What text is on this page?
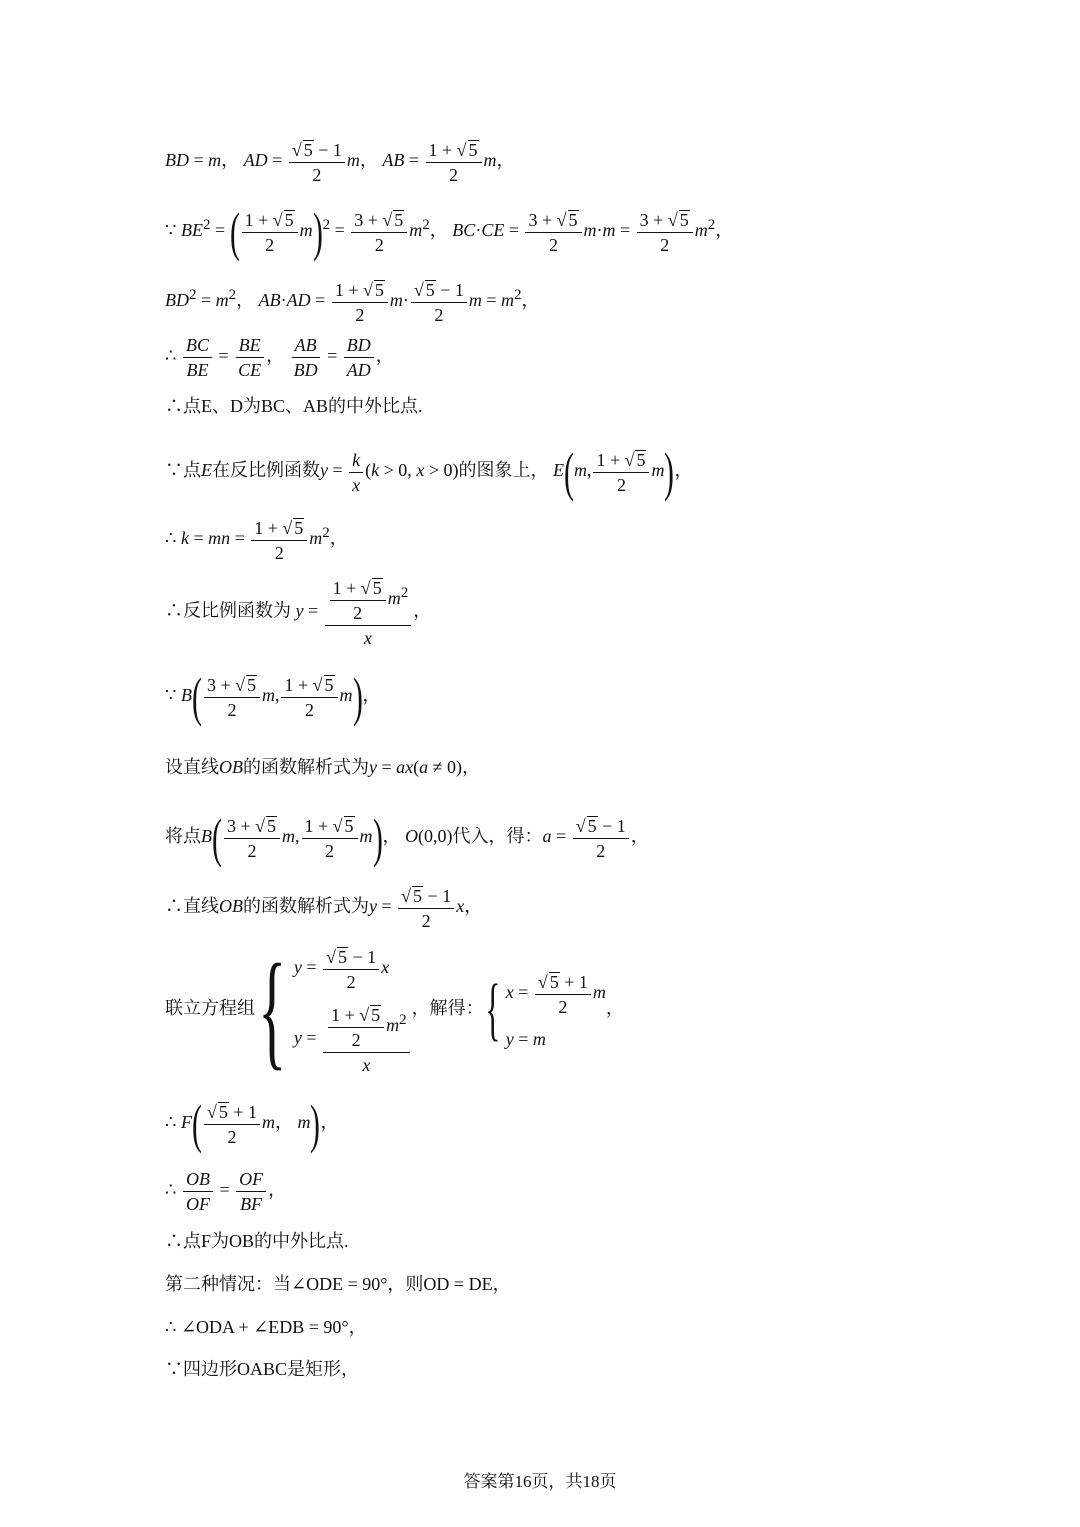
BD = m， AD = $\frac{√ 5 - 1}{2}$ m， AB = $\frac{1 + √ 5}{2}$ m，
∵ $BE^2$ = ( $\frac{1 + √ 5}{2} m)^2 = \frac{3 + √ 5}{2} m^2$， $BC\cdot CE = \frac{3 + √ 5}{2} m\cdot m = \frac{3 + √ 5}{2} m^2$，
$BD^2 = m^2$， $AB\cdot AD = \frac{1 + √ 5}{2} m\cdot \frac{√ 5 - 1}{2}$ $m = m^2$，
∴ $\frac{BC}{BE} = \frac{BE}{CE}$ ， $\frac{AB}{BD} = \frac{BD}{AD}$ ，
∴点E、D为BC、AB的中外比点.
∵点E在反比例函数$y = \frac{k}{x} (k > 0$, x > 0)的图象上， E(m, $\frac{1 + √ 5}{2} m$)，
∴ k = mn = $\frac{1 + √ 5}{2} m^2$，
∴反比例函数为 $y = \frac{\frac{1 + √ 5}{2} m^2}{x}$ ，
∵ $B( \frac{3 + √ 5}{2} m$, $\frac{1 + √ 5}{2} m$)，
设直线OB的函数解析式为y = ax(a ≠ 0)，
将点$B( \frac{3 + √ 5}{2} m$, $\frac{1 + √ 5}{2} m$)， O(0,0)代入，得：$a = \frac{√ 5 - 1}{2}$ ，
∴直线OB的函数解析式为$y = \frac{√ 5 - 1}{2}$ x，
联立方程组{ $y = \frac{√ 5 - 1}{2}$ x
$y = \frac{\frac{1 + √ 5}{2} m^2}{x}$ ，解得：{ $x = \frac{√ 5 + 1}{2}$ m
y = m
，
∴ $F( \frac{√ 5 + 1}{2}$ m， m)，
∴ $\frac{OB}{OF} = \frac{OF}{BF}$ ，
∴点F为OB的中外比点.
第二种情况：当∠ODE = 90°，则OD = DE，
∴ ∠ODA + ∠EDB = 90°，
∵四边形OABC是矩形，
答案第16页，共18页
